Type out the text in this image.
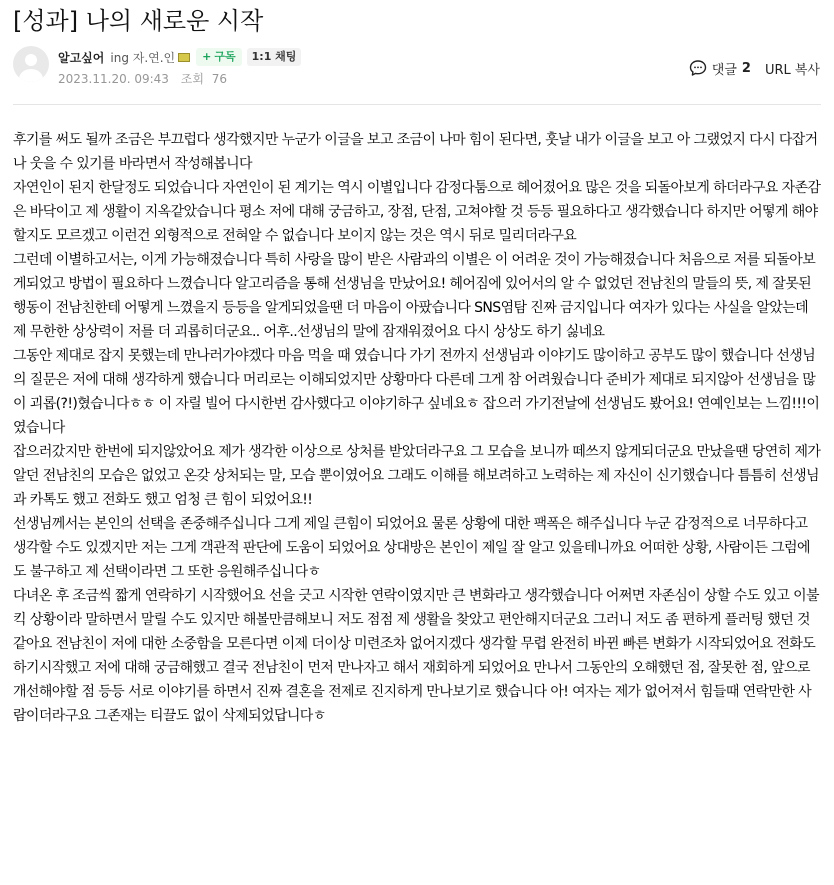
[성과] 나의 새로운 시작
알고싶어 ing 자.연.인 + 구독	1:1 채팅
2023.11.20. 09:43 조회 76
댓글 2 URL 복사

후기를 써도 될까 조금은 부끄럽다 생각했지만 누군가 이글을 보고 조금이 나마 힘이 된다면, 훗날 내가 이글을 보고 아 그랬었지 다시 다잡거나 웃을 수 있기를 바라면서 작성해봅니다

자연인이 된지 한달정도 되었습니다 자연인이 된 계기는 역시 이별입니다 감정다툼으로 헤어졌어요 많은 것을 되돌아보게 하더라구요 자존감은 바닥이고 제 생활이 지옥같았습니다 평소 저에 대해 궁금하고, 장점, 단점, 고쳐야할 것 등등 필요하다고 생각했습니다 하지만 어떻게 해야할지도 모르겠고 이런건 외형적으로 전혀알 수 없습니다 보이지 않는 것은 역시 뒤로 밀리더라구요

그런데 이별하고서는, 이게 가능해졌습니다 특히 사랑을 많이 받은 사람과의 이별은 이 어려운 것이 가능해졌습니다 처음으로 저를 되돌아보게되었고 방법이 필요하다 느꼈습니다 알고리즘을 통해 선생님을 만났어요! 헤어짐에 있어서의 알 수 없었던 전남친의 말들의 뜻, 제 잘못된 행동이 전남친한테 어떻게 느꼈을지 등등을 알게되었을땐 더 마음이 아팠습니다 SNS염탐 진짜 금지입니다 여자가 있다는 사실을 알았는데 제 무한한 상상력이 저를 더 괴롭히더군요.. 어후..선생님의 말에 잠재워졌어요 다시 상상도 하기 싫네요

그동안 제대로 잡지 못했는데 만나러가야겠다 마음 먹을 때 였습니다 가기 전까지 선생님과 이야기도 많이하고 공부도 많이 했습니다 선생님의 질문은 저에 대해 생각하게 했습니다 머리로는 이해되었지만 상황마다 다른데 그게 참 어려웠습니다 준비가 제대로 되지않아 선생님을 많이 괴롭(?!)혔습니다ㅎㅎ 이 자릴 빌어 다시한번 감사했다고 이야기하구 싶네요ㅎ 잡으러 가기전날에 선생님도 봤어요! 연예인보는 느낌!!!이였습니다

잡으러갔지만 한번에 되지않았어요 제가 생각한 이상으로 상처를 받았더라구요 그 모습을 보니까 떼쓰지 않게되더군요 만났을땐 당연히 제가 알던 전남친의 모습은 없었고 온갖 상처되는 말, 모습 뿐이였어요 그래도 이해를 해보려하고 노력하는 제 자신이 신기했습니다 틈틈히 선생님과 카톡도 했고 전화도 했고 엄청 큰 힘이 되었어요!!

선생님께서는 본인의 선택을 존중해주십니다 그게 제일 큰힘이 되었어요 물론 상황에 대한 팩폭은 해주십니다 누군 감정적으로 너무하다고 생각할 수도 있겠지만 저는 그게 객관적 판단에 도움이 되었어요 상대방은 본인이 제일 잘 알고 있을테니까요 어떠한 상황, 사람이든 그럼에도 불구하고 제 선택이라면 그 또한 응원해주십니다ㅎ

다녀온 후 조금씩 짧게 연락하기 시작했어요 선을 긋고 시작한 연락이였지만 큰 변화라고 생각했습니다 어쩌면 자존심이 상할 수도 있고 이불킥 상황이라 말하면서 말릴 수도 있지만 해볼만큼해보니 저도 점점 제 생활을 찾았고 편안해지더군요 그러니 저도 좀 편하게 플러팅 했던 것 같아요 전남친이 저에 대한 소중함을 모른다면 이제 더이상 미련조차 없어지겠다 생각할 무렵 완전히 바뀐 빠른 변화가 시작되었어요 전화도 하기시작했고 저에 대해 궁금해했고 결국 전남친이 먼저 만나자고 해서 재회하게 되었어요 만나서 그동안의 오해했던 점, 잘못한 점, 앞으로 개선해야할 점 등등 서로 이야기를 하면서 진짜 결혼을 전제로 진지하게 만나보기로 했습니다 아! 여자는 제가 없어져서 힘들때 연락만한 사람이더라구요 그존재는 티끌도 없이 삭제되었답니다ㅎ
